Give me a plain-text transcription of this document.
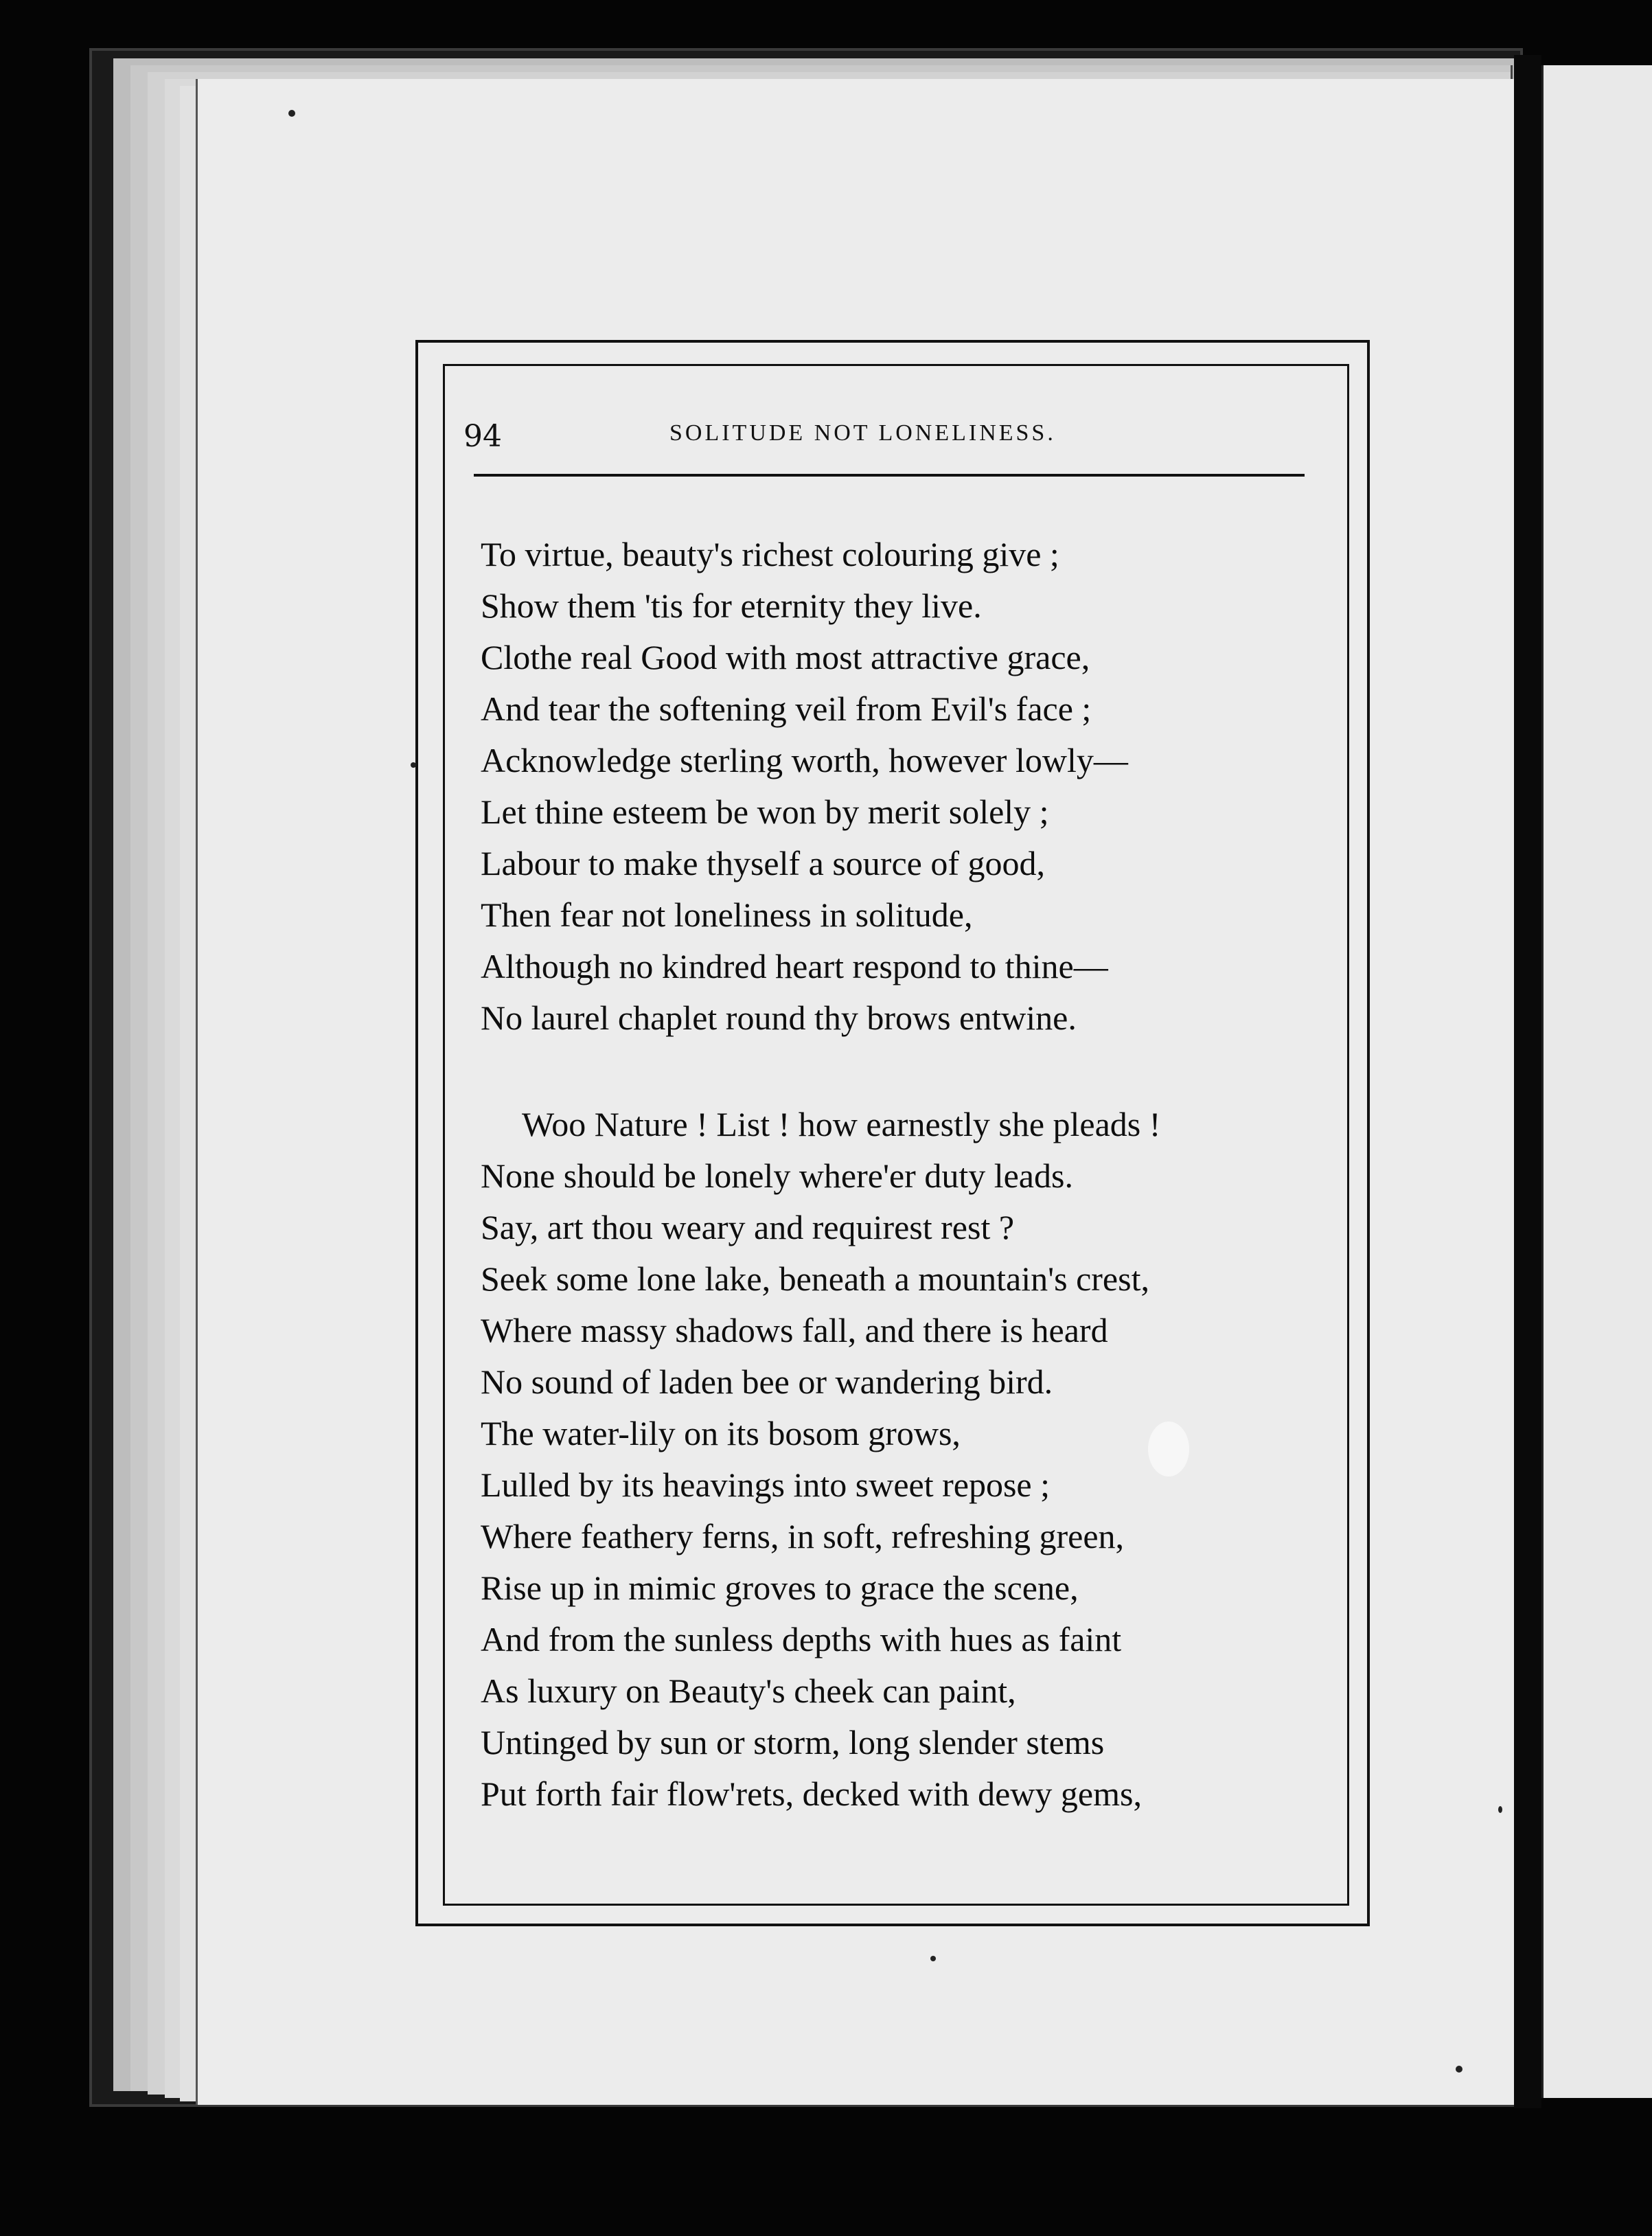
94	SOLITUDE NOT LONELINESS.
To virtue, beauty's richest colouring give ;
Show them 'tis for eternity they live.
Clothe real Good with most attractive grace,
And tear the softening veil from Evil's face ;
Acknowledge sterling worth, however lowly—
Let thine esteem be won by merit solely ;
Labour to make thyself a source of good,
Then fear not loneliness in solitude,
Although no kindred heart respond to thine—
No laurel chaplet round thy brows entwine.
Woo Nature ! List ! how earnestly she pleads !
None should be lonely where'er duty leads.
Say, art thou weary and requirest rest ?
Seek some lone lake, beneath a mountain's crest,
Where massy shadows fall, and there is heard
No sound of laden bee or wandering bird.
The water-lily on its bosom grows,
Lulled by its heavings into sweet repose ;
Where feathery ferns, in soft, refreshing green,
Rise up in mimic groves to grace the scene,
And from the sunless depths with hues as faint
As luxury on Beauty's cheek can paint,
Untinged by sun or storm, long slender stems
Put forth fair flow'rets, decked with dewy gems,
